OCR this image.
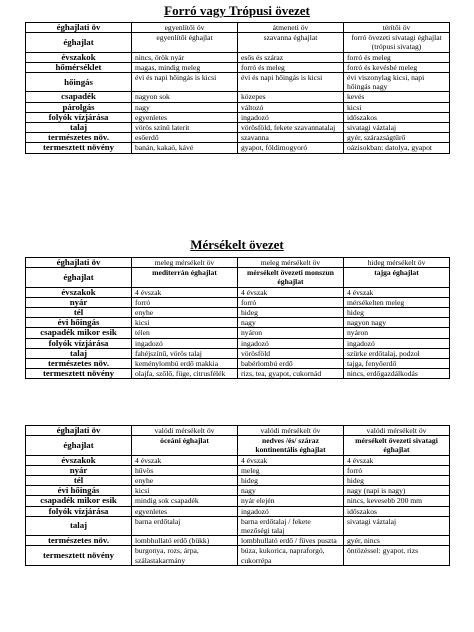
Forró vagy Trópusi övezet
éghajlati öv	egyenlítői öv	átmeneti öv	térítői öv
éghajlat	egyenlítői éghajlat	szavanna éghajlat	forró övezeti sivatagi éghajlat (trópusi sivatag)
évszakok	nincs, örök nyár	esős és száraz	forró és meleg
hőmérséklet	magas, mindig meleg	forró és meleg	forró és kevésbé meleg
hőingás	évi és napi hőingás is kicsi	évi és napi hőingás is kicsi	évi viszonylag kicsi, napi hőingás nagy
csapadék	nagyon sok	közepes	kevés
párolgás	nagy	változó	kicsi
folyók vízjárása	egyenletes	ingadozó	időszakos
talaj	vörös színű laterit	vörösföld, fekete szavannatalaj	sivatagi váztalaj
természetes növ.	esőerdő	szavanna	gyér, szárazságtűrő
termesztett növény	banán, kakaó, kávé	gyapot, földimogyoró	oázisokban: datolya, gyapot
Mérsékelt övezet
éghajlati öv	meleg mérsékelt öv	meleg mérsékelt öv	hideg mérsékelt öv
éghajlat	mediterrán éghajlat	mérsékelt övezeti monszun éghajlat	tajga éghajlat
évszakok	4 évszak	4 évszak	4 évszak
nyár	forró	forró	mérsékelten meleg
tél	enyhe	hideg	hideg
évi hőingás	kicsi	nagy	nagyon nagy
csapadék mikor esik	télen	nyáron	nyáron
folyók vízjárása	ingadozó	ingadozó	ingadozó
talaj	fahéjszínű, vörös talaj	vörösföld	szürke erdőtalaj, podzol
természetes növ.	keménylombú erdő makkia	babérlombú erdő	tajga, fenyőerdő
termesztett növény	olajfa, szőlő, füge, citrusfélék	rizs, tea, gyapot, cukornád	nincs, erdőgazdálkodás
éghajlati öv	valódi mérsékelt öv	valódi mérsékelt öv	valódi mérsékelt öv
éghajlat	óceáni éghajlat	nedves /és/ száraz kontinentális éghajlat	mérsékelt övezeti sivatagi éghajlat
évszakok	4 évszak	4 évszak	4 évszak
nyár	hűvös	meleg	forró
tél	enyhe	hideg	hideg
évi hőingás	kicsi	nagy	nagy (napi is nagy)
csapadék mikor esik	mindig sok csapadék	nyár elején	nincs, kevesebb 200 mm
folyók vízjárása	egyenletes	ingadozó	időszakos
talaj	barna erdőtalaj	barna erdőtalaj / fekete mezőségi talaj	sivatagi váztalaj
természetes növ.	lombhullató erdő (bükk)	lombhullató erdő / füves puszta	gyér, nincs
termesztett növény	burgonya, rozs, árpa, szálastakarmány	búza, kukorica, napraforgó, cukorrépa	öntözéssel: gyapot, rizs
